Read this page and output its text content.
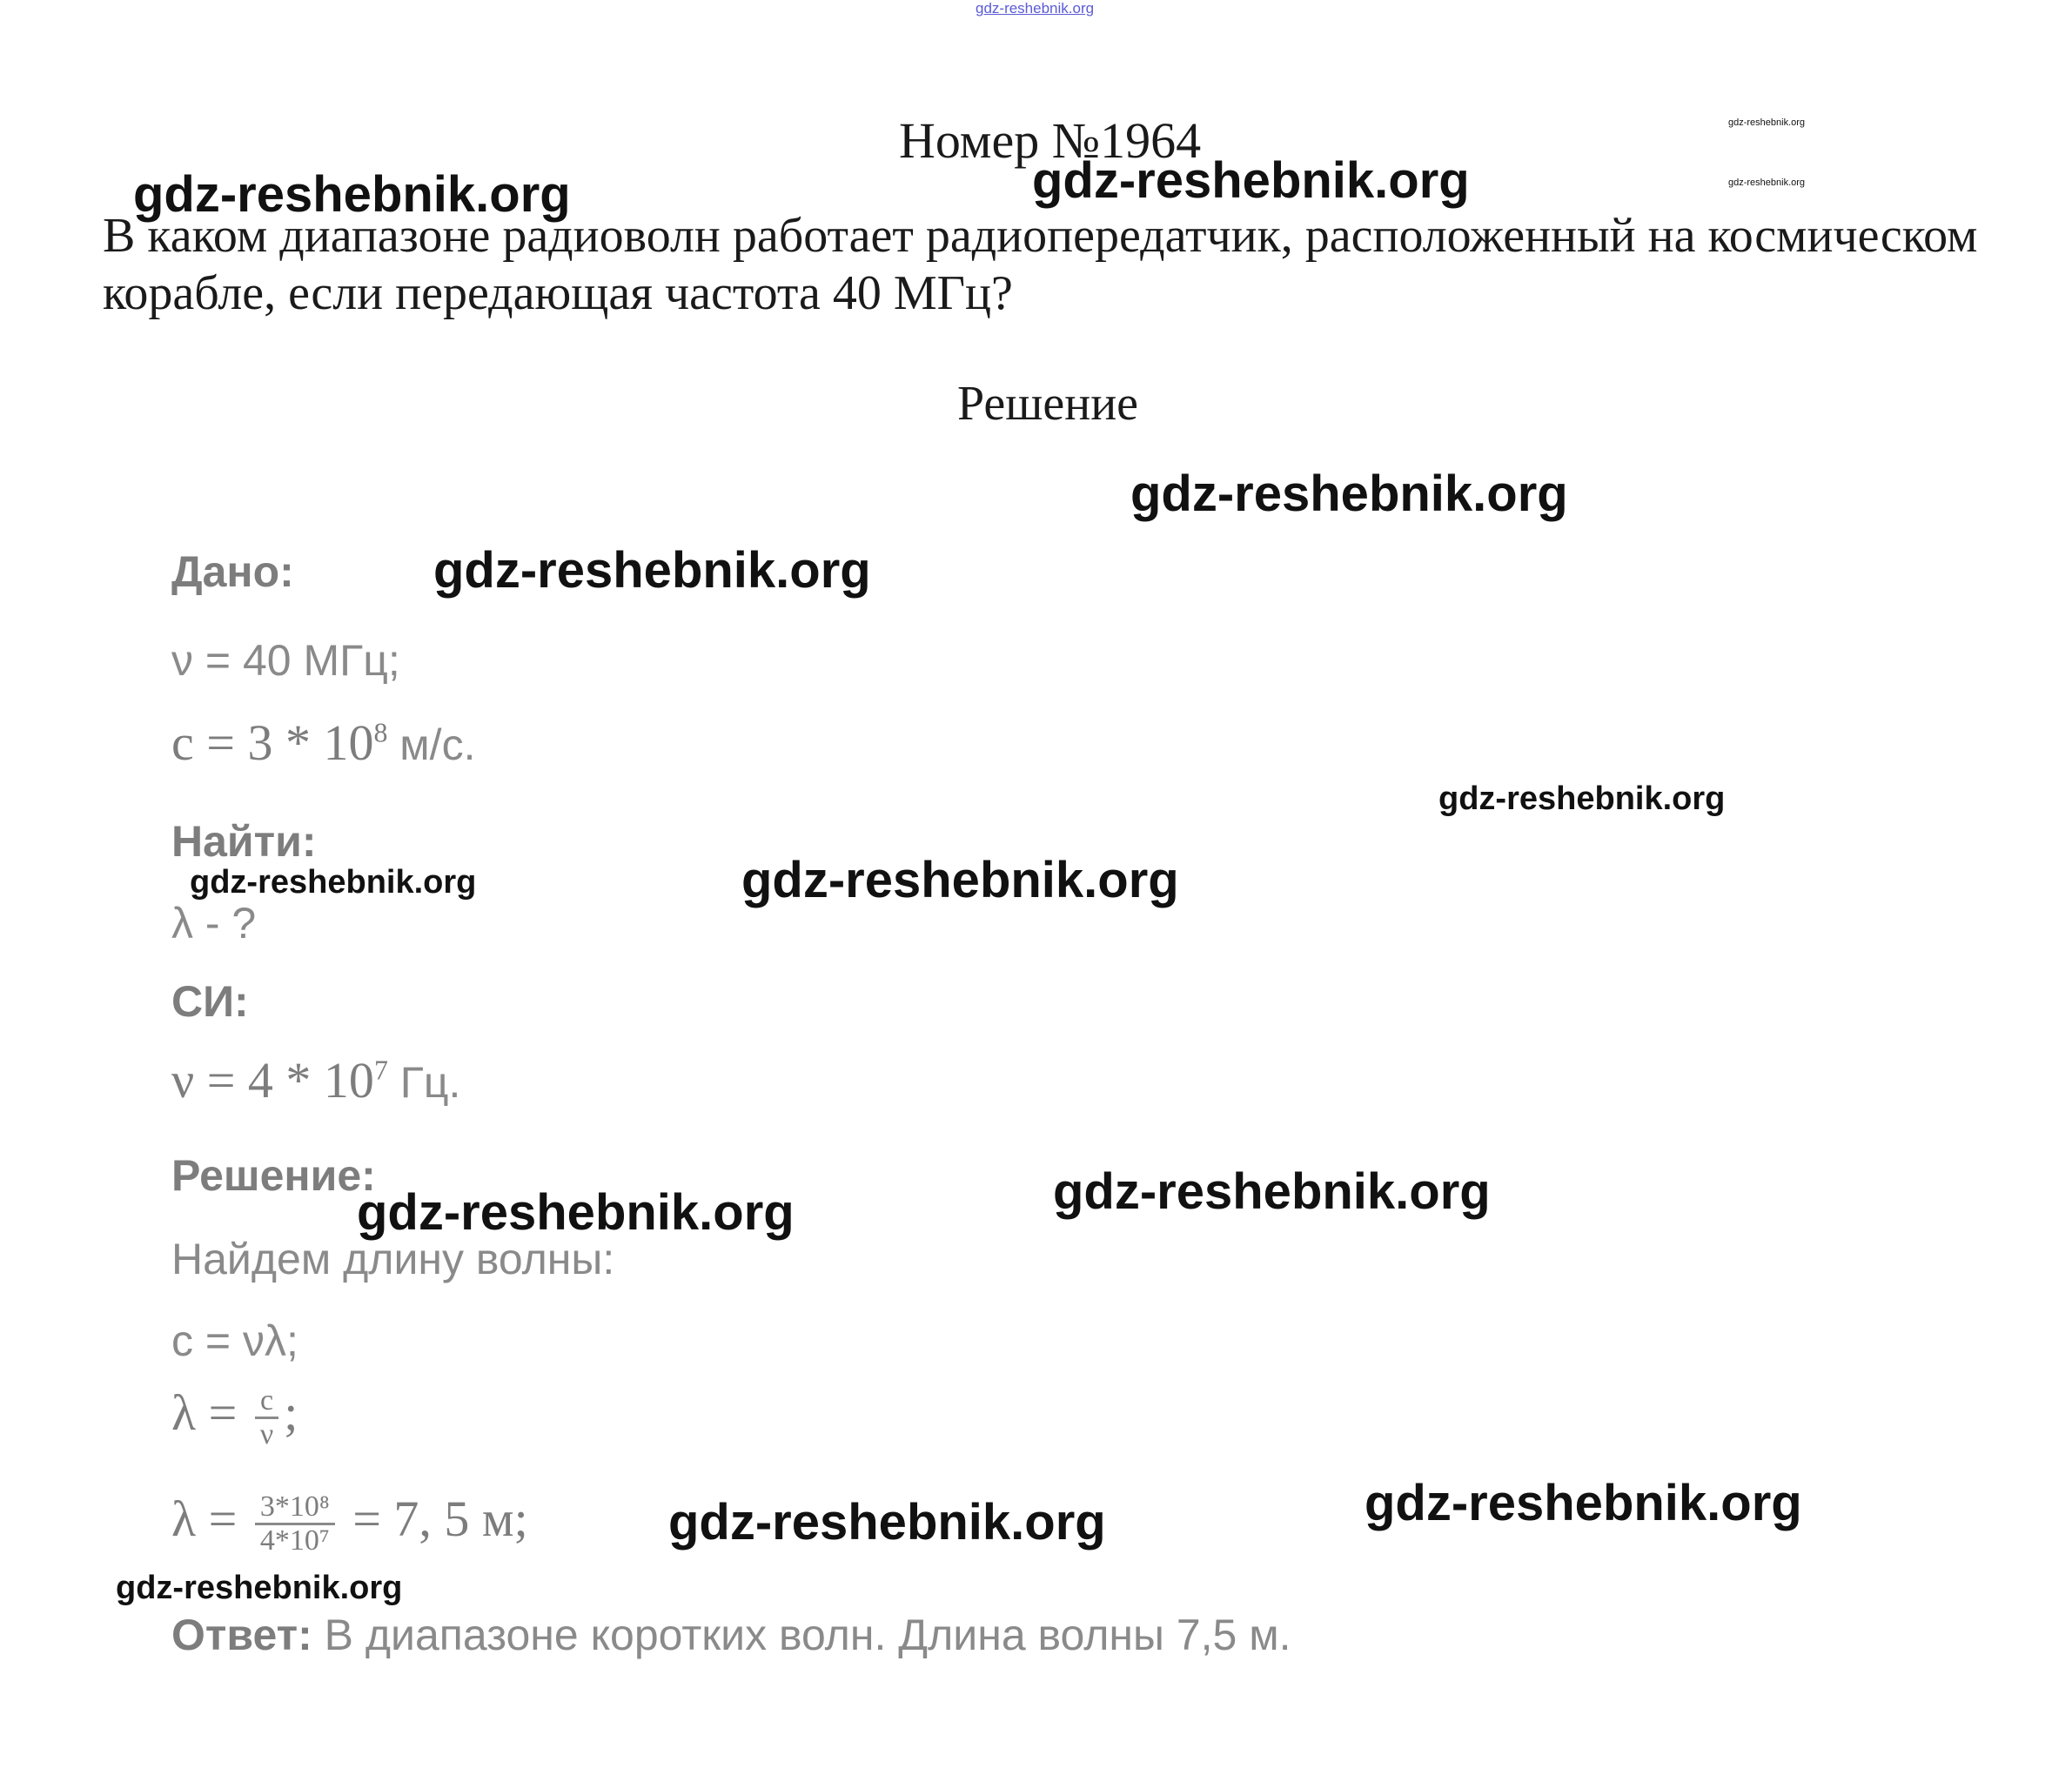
gdz-reshebnik.org
gdz-reshebnik.org
gdz-reshebnik.org
Номер №1964
В каком диапазоне радиоволн работает радиопередатчик, расположенный на космическом корабле, если передающая частота 40 МГц?
Решение
Дано:
ν = 40 МГц;
$c = 3 * 10^8$ м/с.
Найти:
λ - ?
СИ:
$\nu = 4 * 10^7$ Гц.
Решение:
Найдем длину волны:
c = νλ;
$\lambda = \frac{c}{\nu}$ ;
$\lambda = \frac{\text{3*10⁸}}{\text{4*10⁷}} = 7$, 5 м;
Ответ: В диапазоне коротких волн. Длина волны 7,5 м.
gdz-reshebnik.org	gdz-reshebnik.org
gdz-reshebnik.org
gdz-reshebnik.org
gdz-reshebnik.org
gdz-reshebnik.org	gdz-reshebnik.org
gdz-reshebnik.org
gdz-reshebnik.org
gdz-reshebnik.org
gdz-reshebnik.org
gdz-reshebnik.org
